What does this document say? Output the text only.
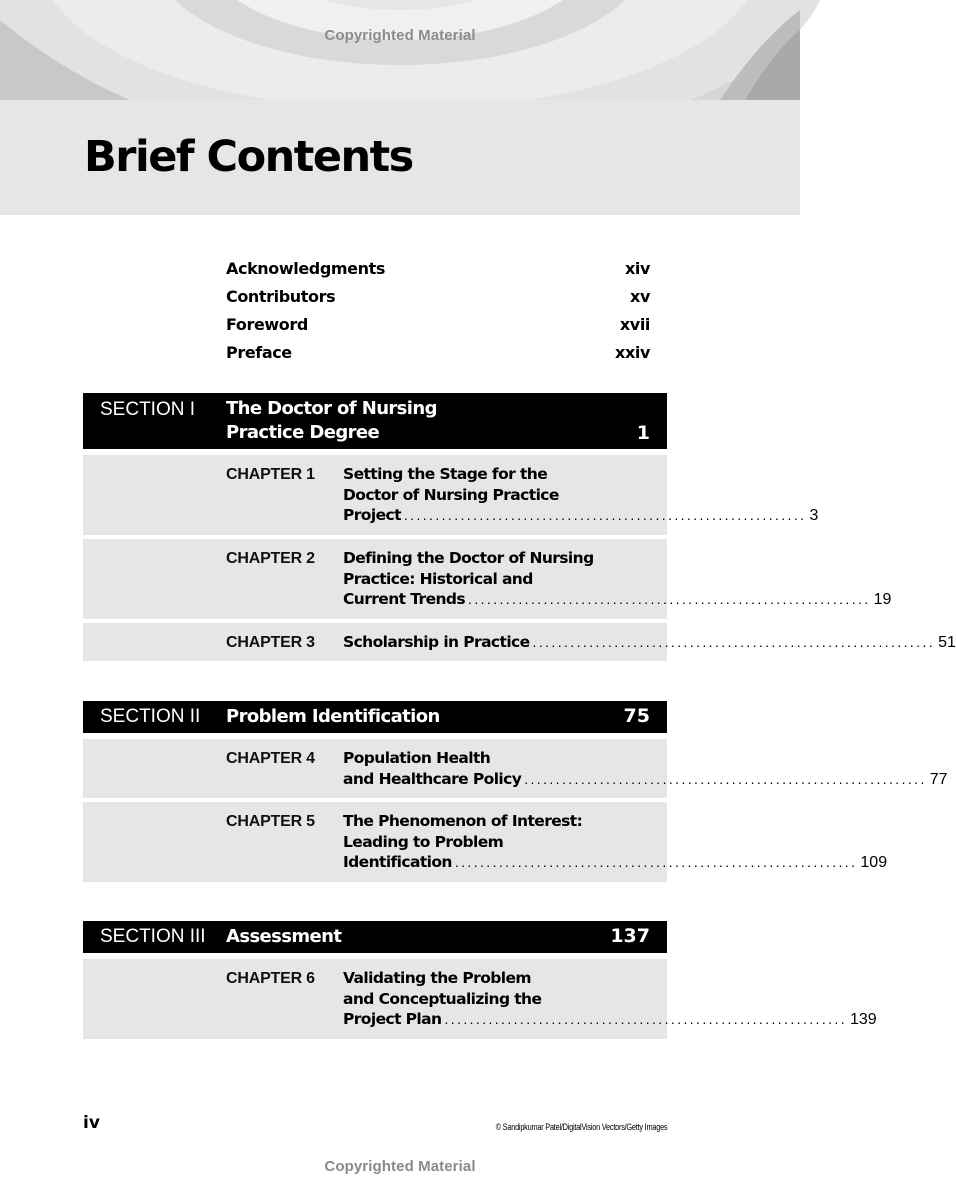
Copyrighted Material
Brief Contents
Acknowledgments	xiv
Contributors	xv
Foreword	xvii
Preface	xxiv
SECTION I The Doctor of Nursing
Practice Degree	1
CHAPTER 1 Setting the Stage for the
Doctor of Nursing Practice
Project ................................................................ 3
CHAPTER 2 Defining the Doctor of Nursing
Practice: Historical and
Current Trends ................................................................ 19
CHAPTER 3 Scholarship in Practice ................................................................ 51
SECTION II Problem Identification	75
CHAPTER 4 Population Health
and Healthcare Policy ................................................................ 77
CHAPTER 5 The Phenomenon of Interest:
Leading to Problem
Identification ................................................................ 109
SECTION III Assessment	137
CHAPTER 6 Validating the Problem
and Conceptualizing the
Project Plan ................................................................ 139
iv	© Sandipkumar Patel/DigitalVision Vectors/Getty Images
Copyrighted Material
